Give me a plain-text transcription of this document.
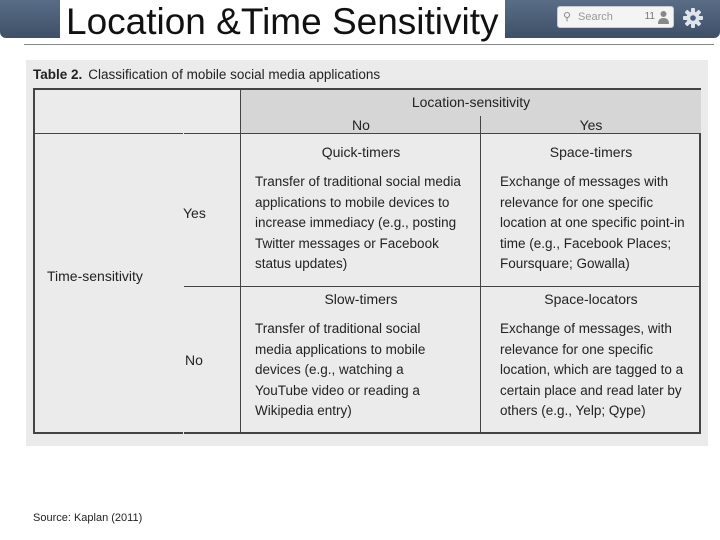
⚲ Search	11
Location &Time Sensitivity
Table 2. Classification of mobile social media applications
Location-sensitivity
No	Yes
Time-sensitivity
Yes
No
Quick-timers
Transfer of traditional social media applications to mobile devices to increase immediacy (e.g., posting Twitter messages or Facebook status updates)
Space-timers
Exchange of messages with relevance for one specific location at one specific point-in time (e.g., Facebook Places; Foursquare; Gowalla)
Slow-timers
Transfer of traditional social media applications to mobile devices (e.g., watching a YouTube video or reading a Wikipedia entry)
Space-locators
Exchange of messages, with relevance for one specific location, which are tagged to a certain place and read later by others (e.g., Yelp; Qype)
Source: Kaplan (2011)
